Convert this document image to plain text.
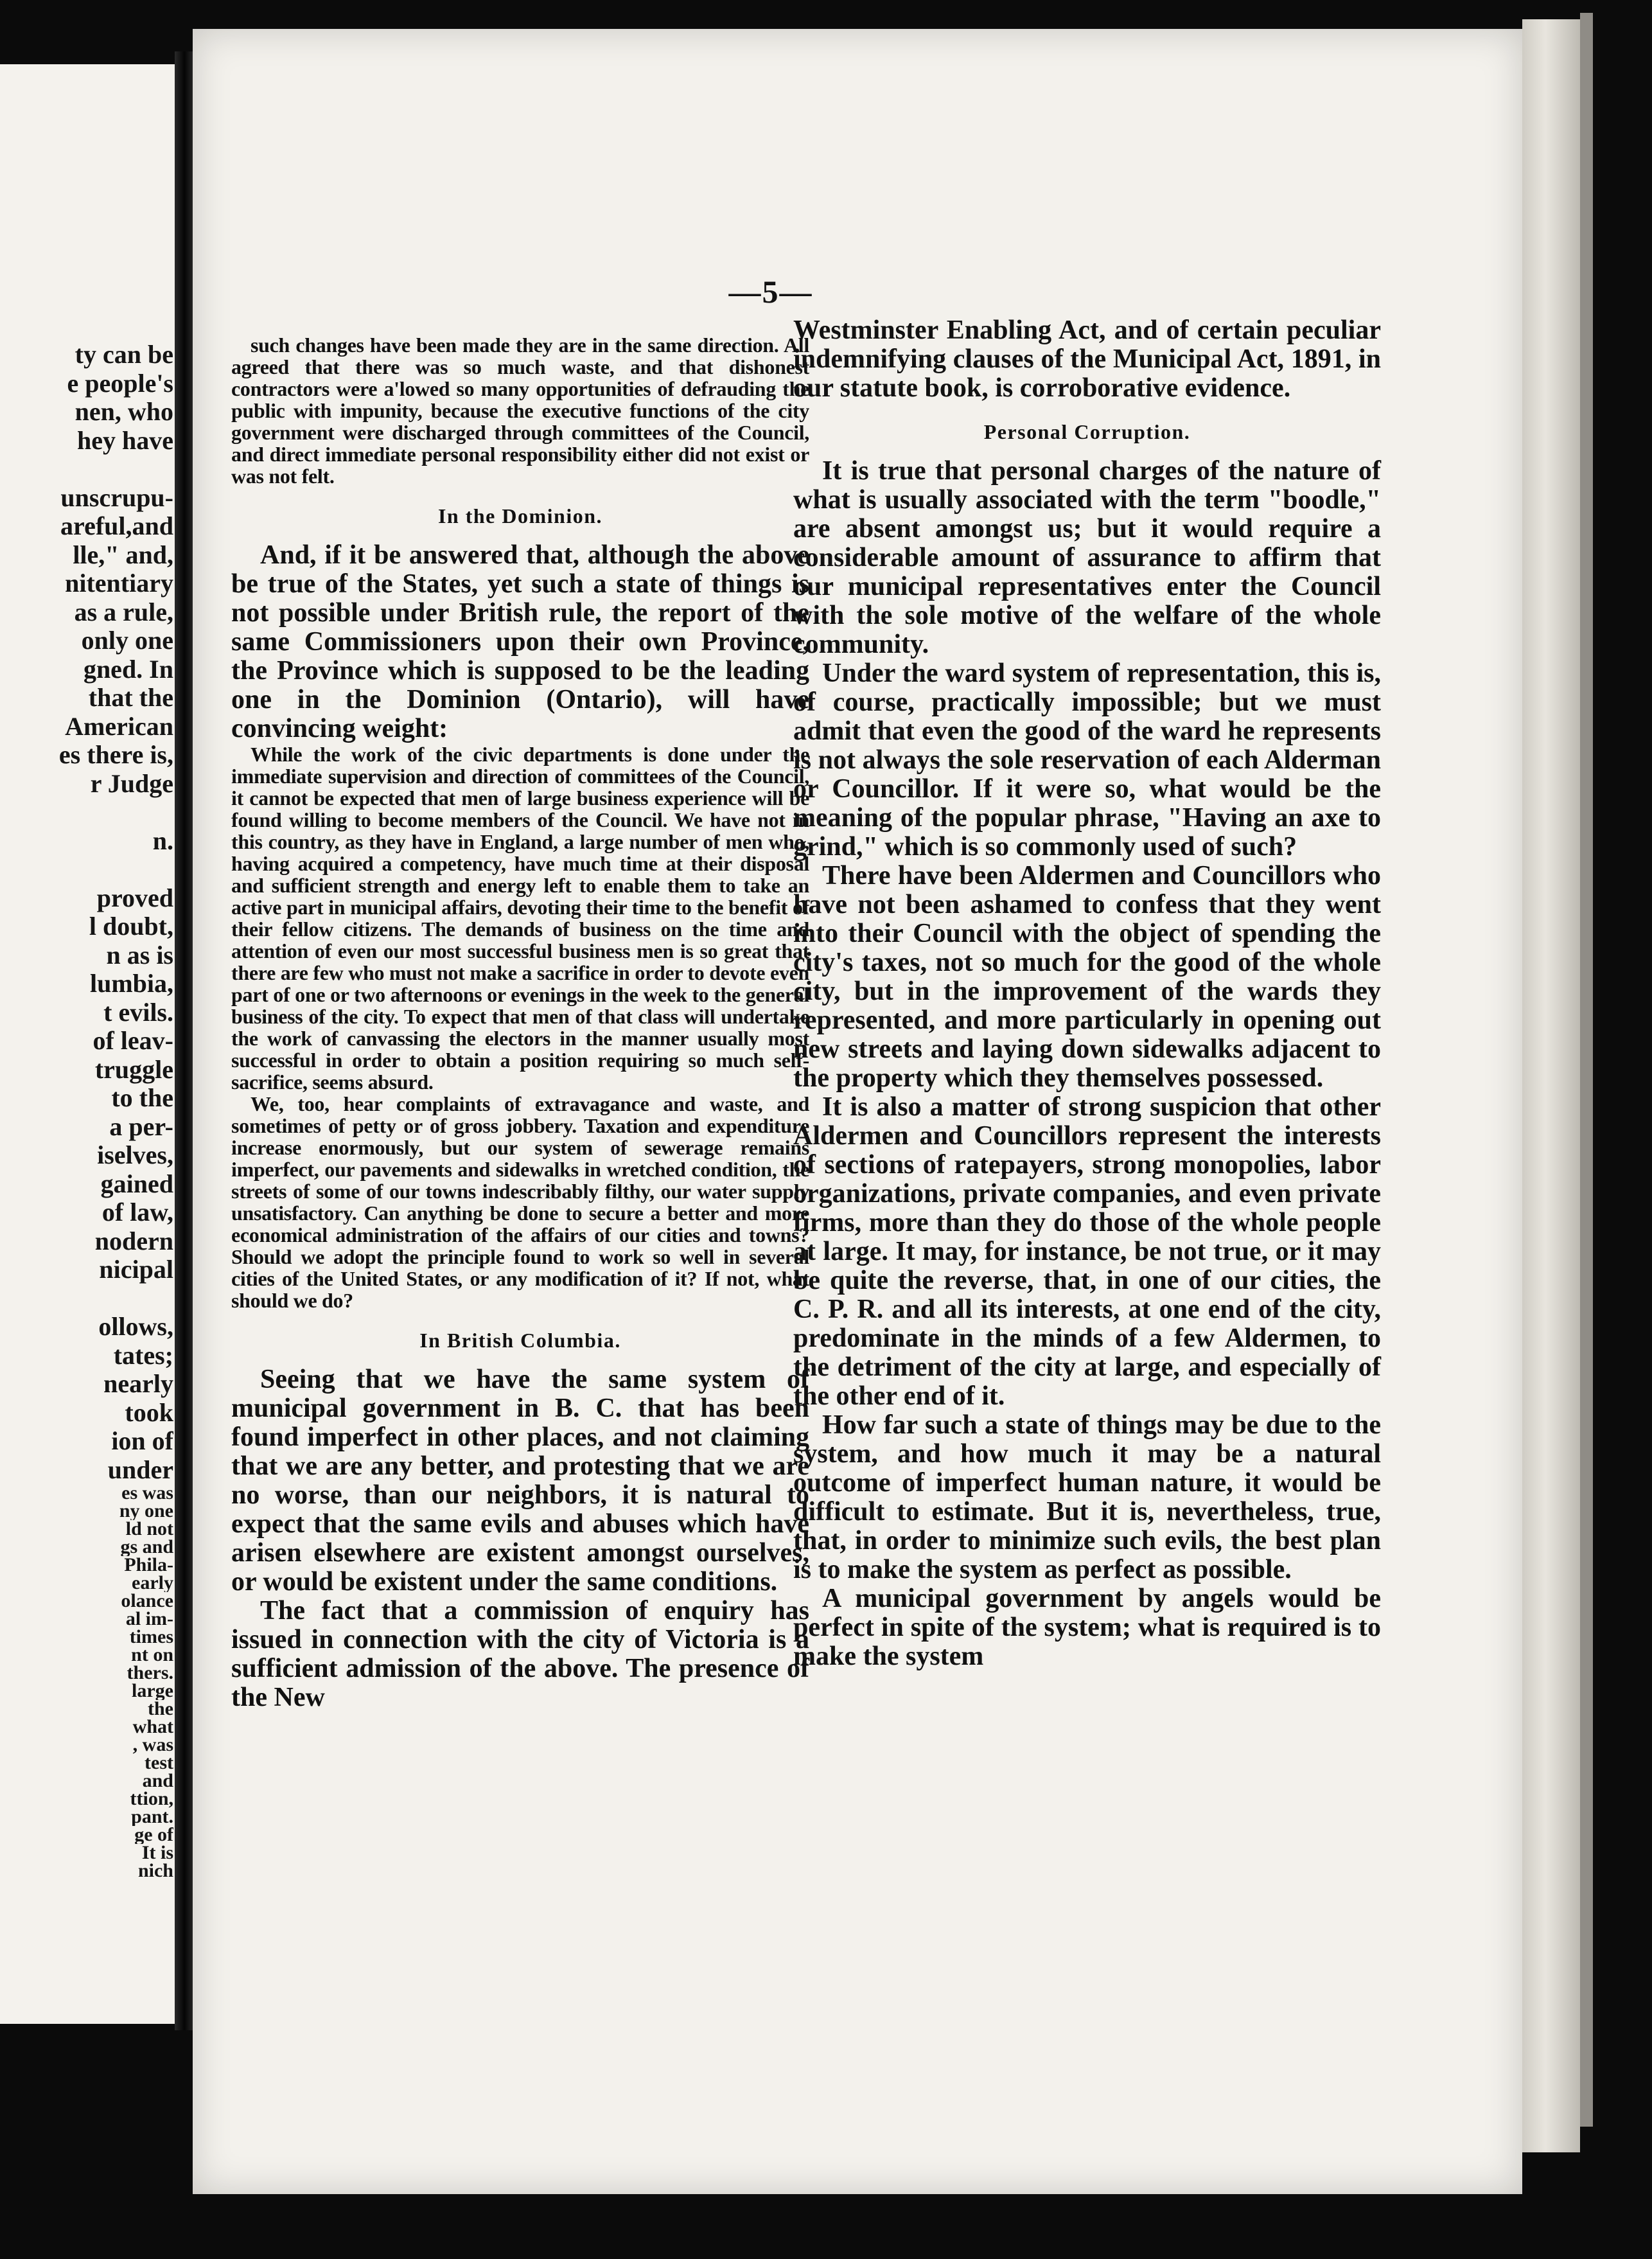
ty can be
e people's
nen, who
hey have

unscrupu-
areful,and
lle," and,
nitentiary
as a rule,
only one
gned. In
that the
American
es there is,
r Judge

n.

proved
l doubt,
n as is
lumbia,
t evils.
of leav-
truggle
to the
a per-
iselves,
gained
of law,
nodern
nicipal

ollows,
tates;
nearly
took
ion of
under
es was
ny one
ld not
gs and
Phila-
early
olance
al im-
times
nt on
thers.
large
the
what
, was
test
and
ttion,
pant.
ge of
It is
nich
—5—

such changes have been made they are in the same direction. All agreed that there was so much waste, and that dishonest contractors were a'lowed so many opportunities of defrauding the public with impunity, because the executive functions of the city government were discharged through committees of the Council, and direct immediate personal responsibility either did not exist or was not felt.

In the Dominion.

And, if it be answered that, although the above be true of the States, yet such a state of things is not possible under British rule, the report of the same Commissioners upon their own Province, the Province which is supposed to be the leading one in the Dominion (Ontario), will have convincing weight:

While the work of the civic departments is done under the immediate supervision and direction of committees of the Council, it cannot be expected that men of large business experience will be found willing to become members of the Council. We have not in this country, as they have in England, a large number of men who, having acquired a competency, have much time at their disposal and sufficient strength and energy left to enable them to take an active part in municipal affairs, devoting their time to the benefit of their fellow citizens. The demands of business on the time and attention of even our most successful business men is so great that there are few who must not make a sacrifice in order to devote even part of one or two afternoons or evenings in the week to the general business of the city. To expect that men of that class will undertake the work of canvassing the electors in the manner usually most successful in order to obtain a position requiring so much self-sacrifice, seems absurd.

We, too, hear complaints of extravagance and waste, and sometimes of petty or of gross jobbery. Taxation and expenditure increase enormously, but our system of sewerage remains imperfect, our pavements and sidewalks in wretched condition, the streets of some of our towns indescribably filthy, our water supply unsatisfactory. Can anything be done to secure a better and more economical administration of the affairs of our cities and towns? Should we adopt the principle found to work so well in several cities of the United States, or any modification of it? If not, what should we do?

In British Columbia.

Seeing that we have the same system of municipal government in B. C. that has been found imperfect in other places, and not claiming that we are any better, and protesting that we are no worse, than our neighbors, it is natural to expect that the same evils and abuses which have arisen elsewhere are existent amongst ourselves, or would be existent under the same conditions.

The fact that a commission of enquiry has issued in connection with the city of Victoria is a sufficient admission of the above. The presence of the New

Westminster Enabling Act, and of certain peculiar indemnifying clauses of the Municipal Act, 1891, in our statute book, is corroborative evidence.

Personal Corruption.

It is true that personal charges of the nature of what is usually associated with the term "boodle," are absent amongst us; but it would require a considerable amount of assurance to affirm that our municipal representatives enter the Council with the sole motive of the welfare of the whole community.

Under the ward system of representation, this is, of course, practically impossible; but we must admit that even the good of the ward he represents is not always the sole reservation of each Alderman or Councillor. If it were so, what would be the meaning of the popular phrase, "Having an axe to grind," which is so commonly used of such?

There have been Aldermen and Councillors who have not been ashamed to confess that they went into their Council with the object of spending the city's taxes, not so much for the good of the whole city, but in the improvement of the wards they represented, and more particularly in opening out new streets and laying down sidewalks adjacent to the property which they themselves possessed.

It is also a matter of strong suspicion that other Aldermen and Councillors represent the interests of sections of ratepayers, strong monopolies, labor organizations, private companies, and even private firms, more than they do those of the whole people at large. It may, for instance, be not true, or it may be quite the reverse, that, in one of our cities, the C. P. R. and all its interests, at one end of the city, predominate in the minds of a few Aldermen, to the detriment of the city at large, and especially of the other end of it.

How far such a state of things may be due to the system, and how much it may be a natural outcome of imperfect human nature, it would be difficult to estimate. But it is, nevertheless, true, that, in order to minimize such evils, the best plan is to make the system as perfect as possible.

A municipal government by angels would be perfect in spite of the system; what is required is to make the system
